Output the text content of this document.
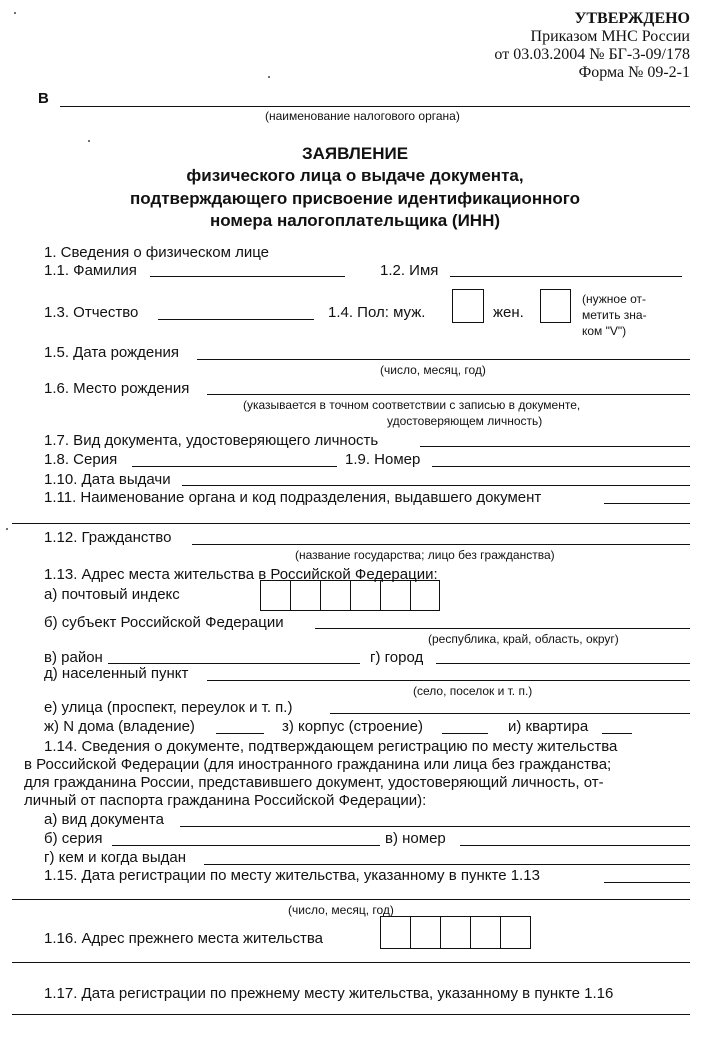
УТВЕРЖДЕНО
Приказом МНС России
от 03.03.2004 № БГ-3-09/178
Форма № 09-2-1
В
(наименование налогового органа)
ЗАЯВЛЕНИЕ
физического лица о выдаче документа,
подтверждающего присвоение идентификационного
номера налогоплательщика (ИНН)
1. Сведения о физическом лице
1.1. Фамилия	1.2. Имя
1.3. Отчество	1.4. Пол: муж.	жен.
(нужное от-
метить зна-
ком "V")
1.5. Дата рождения
(число, месяц, год)
1.6. Место рождения
(указывается в точном соответствии с записью в документе,
удостоверяющем личность)
1.7. Вид документа, удостоверяющего личность
1.8. Серия	1.9. Номер
1.10. Дата выдачи
1.11. Наименование органа и код подразделения, выдавшего документ
1.12. Гражданство
(название государства; лицо без гражданства)
1.13. Адрес места жительства в Российской Федерации:
а) почтовый индекс
б) субъект Российской Федерации
(республика, край, область, округ)
в) район	г) город
д) населенный пункт
(село, поселок и т. п.)
е) улица (проспект, переулок и т. п.)
ж) N дома (владение)	з) корпус (строение)	и) квартира
1.14. Сведения о документе, подтверждающем регистрацию по месту жительства
в Российской Федерации (для иностранного гражданина или лица без гражданства;
для гражданина России, представившего документ, удостоверяющий личность, от-
личный от паспорта гражданина Российской Федерации):
а) вид документа
б) серия	в) номер
г) кем и когда выдан
1.15. Дата регистрации по месту жительства, указанному в пункте 1.13
(число, месяц, год)
1.16. Адрес прежнего места жительства
1.17. Дата регистрации по прежнему месту жительства, указанному в пункте 1.16
